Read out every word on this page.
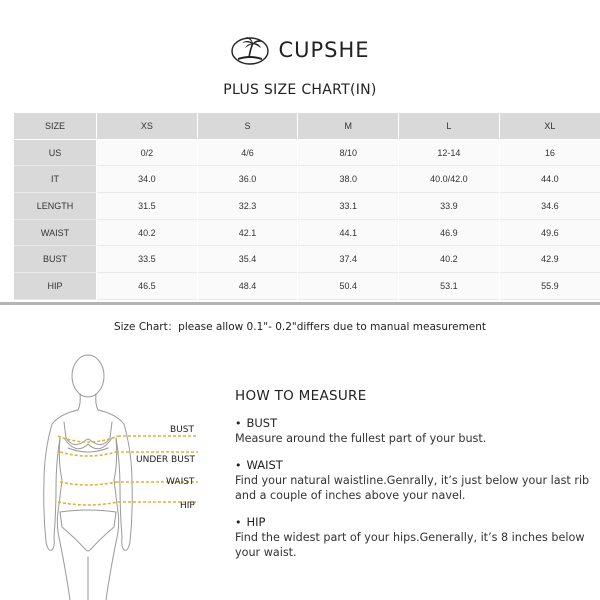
CUPSHE
PLUS SIZE CHART(IN)
SIZE	XS	S	M	L	XL
US	0/2	4/6	8/10	12-14	16
IT	34.0	36.0	38.0	40.0/42.0	44.0
LENGTH	31.5	32.3	33.1	33.9	34.6
WAIST	40.2	42.1	44.1	46.9	49.6
BUST	33.5	35.4	37.4	40.2	42.9
HIP	46.5	48.4	50.4	53.1	55.9
Size Chart：please allow 0.1"- 0.2"differs due to manual measurement
BUST
UNDER BUST
WAIST
HIP
HOW TO MEASURE
• BUST
Measure around the fullest part of your bust.
• WAIST
Find your natural waistline.Genrally, it’s just below your last rib and a couple of inches above your navel.
• HIP
Find the widest part of your hips.Generally, it’s 8 inches below your waist.
